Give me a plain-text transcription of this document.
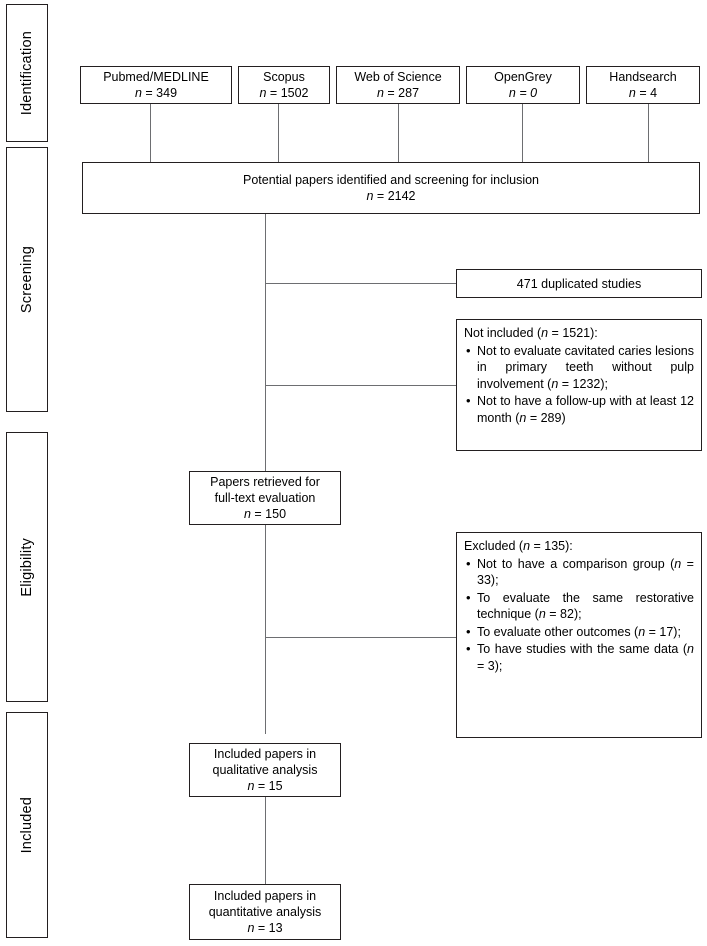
Identification
Screening
Eligibility
Included
Pubmed/MEDLINE
n = 349
Scopus
n = 1502
Web of Science
n = 287
OpenGrey
n = 0
Handsearch
n = 4
Potential papers identified and screening for inclusion
n = 2142
471 duplicated studies
Not included (n = 1521):
• Not to evaluate cavitated caries lesions in primary teeth without pulp involvement (n = 1232);
• Not to have a follow-up with at least 12 month (n = 289)
Papers retrieved for
full-text evaluation
n = 150
Excluded (n = 135):
• Not to have a comparison group (n = 33);
• To evaluate the same restorative technique (n = 82);
• To evaluate other outcomes (n = 17);
• To have studies with the same data (n = 3);
Included papers in
qualitative analysis
n = 15
Included papers in
quantitative analysis
n = 13
